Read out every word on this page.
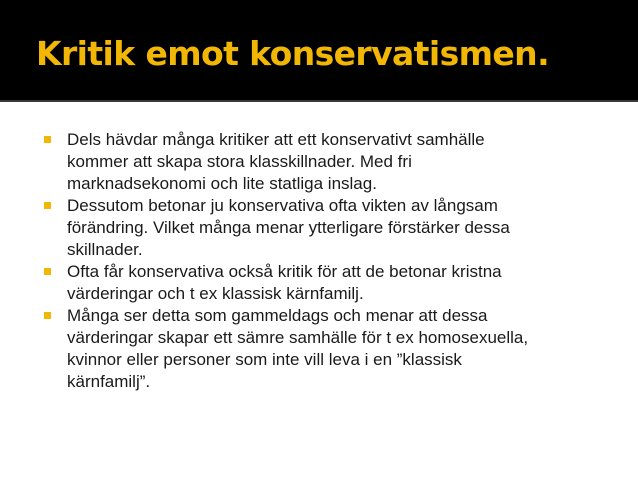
Kritik emot konservatismen.
Dels hävdar många kritiker att ett konservativt samhälle
kommer att skapa stora klasskillnader. Med fri
marknadsekonomi och lite statliga inslag.
Dessutom betonar ju konservativa ofta vikten av långsam
förändring. Vilket många menar ytterligare förstärker dessa
skillnader.
Ofta får konservativa också kritik för att de betonar kristna
värderingar och t ex klassisk kärnfamilj.
Många ser detta som gammeldags och menar att dessa
värderingar skapar ett sämre samhälle för t ex homosexuella,
kvinnor eller personer som inte vill leva i en ”klassisk
kärnfamilj”.
